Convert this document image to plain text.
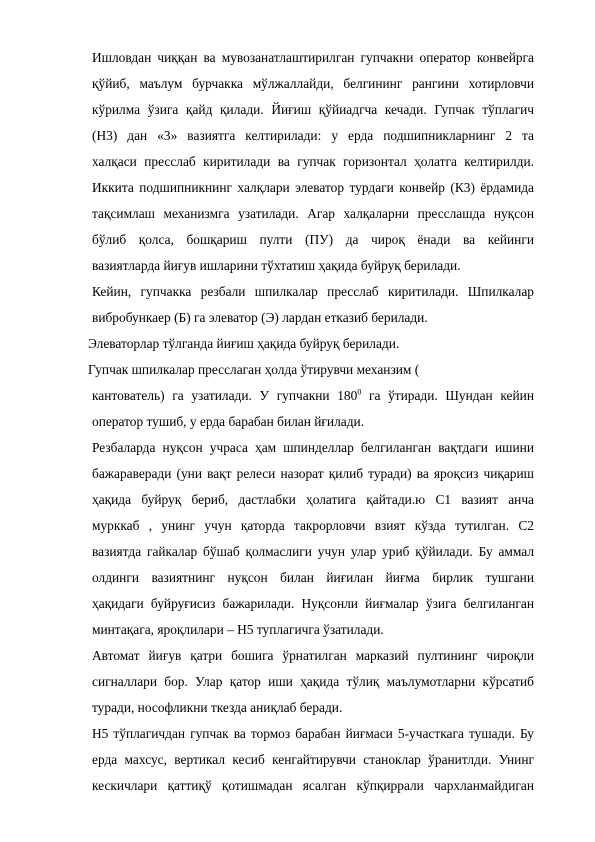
Ишловдан чиққан ва мувозанатлаштирилган гупчакни оператор конвейрга
қўйиб, маълум бурчакка мўлжаллайди, белгининг рангини хотирловчи
кўрилма ўзига қайд қилади. Йиғиш қўйиадгча кечади. Гупчак тўплагич
(Н3) дан «3» вазиятга келтирилади: у ерда подшипникларнинг 2 та
халқаси пресслаб киритилади ва гупчак горизонтал ҳолатга келтирилди.
Иккита подшипникнинг халқлари элеватор турдаги конвейр (К3) ёрдамида
тақсимлаш механизмга узатилади. Агар халқаларни пресслашда нуқсон
бўлиб қолса, бошқариш пулти (ПУ) да чироқ ёнади ва кейинги
вазиятларда йиғув ишларини тўхтатиш ҳақида буйруқ берилади.
Кейин, гупчакка резбали шпилкалар пресслаб киритилади. Шпилкалар
вибробункаер (Б) га элеватор (Э) лардан етказиб берилади.
Элеваторлар тўлганда йиғиш ҳақида буйруқ берилади.
Гупчак шпилкалар пресслаган ҳолда ўтирувчи механзим (
кантователь) га узатилади. У гупчакни $180^0$ га ўтиради. Шундан кейин
оператор тушиб, у ерда барабан билан йғилади.
Резбаларда нуқсон учраса ҳам шпинделлар белгиланган вақтдаги ишини
бажараверади (уни вақт релеси назорат қилиб туради) ва яроқсиз чиқариш
ҳақида буйруқ бериб, дастлабки ҳолатига қайтади.ю С1 вазият анча
мурккаб , унинг учун қаторда такрорловчи взият кўзда тутилган. С2
вазиятда гайкалар бўшаб қолмаслиги учун улар уриб қўйилади. Бу аммал
олдинги вазиятнинг нуқсон билан йиғилан йиғма бирлик тушгани
ҳақидаги буйруғисиз бажарилади. Нуқсонли йиғмалар ўзига белгиланган
минтақага, яроқлилари – Н5 туплагичга ўзатилади.
Автомат йиғув қатри бошига ўрнатилган марказий пултининг чироқли
сигналлари бор. Улар қатор иши ҳақида тўлиқ маълумотларни кўрсатиб
туради, нософликни ткезда аниқлаб беради.
Н5 тўплагичдан гупчак ва тормоз барабан йиғмаси 5-участкага тушади. Бу
ерда махсус, вертикал кесиб кенгайтирувчи станоклар ўранитлди. Унинг
кескичлари қаттиқў қотишмадан ясалган кўпқиррали чархланмайдиган
